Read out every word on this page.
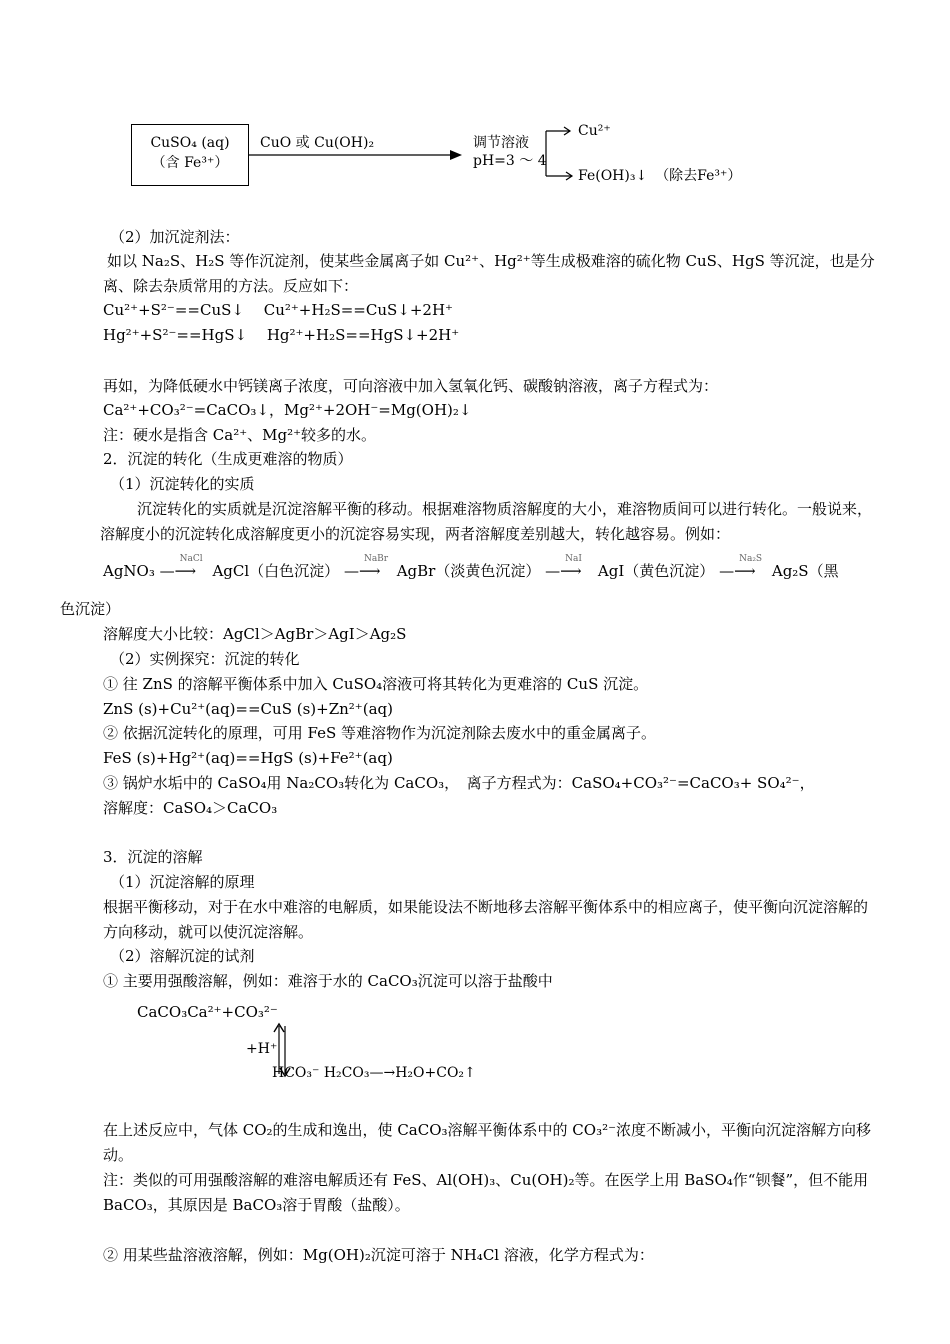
CuSO₄ (aq)
（含 Fe³⁺）
CuO 或 Cu(OH)₂	调节溶液
pH=3 ～ 4
Cu²⁺
Fe(OH)₃↓ （除去Fe³⁺）
（2）加沉淀剂法：
如以 Na₂S、H₂S 等作沉淀剂，使某些金属离子如 Cu²⁺、Hg²⁺等生成极难溶的硫化物 CuS、HgS 等沉淀，也是分离、除去杂质常用的方法。反应如下：
Cu²⁺+S²⁻==CuS↓　 Cu²⁺+H₂S==CuS↓+2H⁺
Hg²⁺+S²⁻==HgS↓　 Hg²⁺+H₂S==HgS↓+2H⁺
再如，为降低硬水中钙镁离子浓度，可向溶液中加入氢氧化钙、碳酸钠溶液，离子方程式为：
Ca²⁺+CO₃²⁻=CaCO₃↓，Mg²⁺+2OH⁻=Mg(OH)₂↓
注：硬水是指含 Ca²⁺、Mg²⁺较多的水。
2．沉淀的转化（生成更难溶的物质）
（1）沉淀转化的实质
沉淀转化的实质就是沉淀溶解平衡的移动。根据难溶物质溶解度的大小，难溶物质间可以进行转化。一般说来，溶解度小的沉淀转化成溶解度更小的沉淀容易实现，两者溶解度差别越大，转化越容易。例如：
AgNO₃
NaCl
—⟶ AgCl（白色沉淀）
NaBr
—⟶ AgBr（淡黄色沉淀）
NaI
—⟶ AgI（黄色沉淀）
Na₂S
—⟶ Ag₂S（黑
色沉淀）
溶解度大小比较：AgCl＞AgBr＞AgI＞Ag₂S
（2）实例探究：沉淀的转化
① 往 ZnS 的溶解平衡体系中加入 CuSO₄溶液可将其转化为更难溶的 CuS 沉淀。
ZnS (s)+Cu²⁺(aq)==CuS (s)+Zn²⁺(aq)
② 依据沉淀转化的原理，可用 FeS 等难溶物作为沉淀剂除去废水中的重金属离子。
FeS (s)+Hg²⁺(aq)==HgS (s)+Fe²⁺(aq)
③ 锅炉水垢中的 CaSO₄用 Na₂CO₃转化为 CaCO₃，　离子方程式为：CaSO₄+CO₃²⁻=CaCO₃+ SO₄²⁻，
溶解度：CaSO₄＞CaCO₃
3．沉淀的溶解
（1）沉淀溶解的原理
根据平衡移动，对于在水中难溶的电解质，如果能设法不断地移去溶解平衡体系中的相应离子，使平衡向沉淀溶解的方向移动，就可以使沉淀溶解。
（2）溶解沉淀的试剂
① 主要用强酸溶解，例如：难溶于水的 CaCO₃沉淀可以溶于盐酸中
CaCO₃Ca²⁺+CO₃²⁻
+H⁺
HCO₃⁻ H₂CO₃—→H₂O+CO₂↑
在上述反应中，气体 CO₂的生成和逸出，使 CaCO₃溶解平衡体系中的 CO₃²⁻浓度不断减小，平衡向沉淀溶解方向移动。
注：类似的可用强酸溶解的难溶电解质还有 FeS、Al(OH)₃、Cu(OH)₂等。在医学上用 BaSO₄作“钡餐”，但不能用 BaCO₃，其原因是 BaCO₃溶于胃酸（盐酸）。
② 用某些盐溶液溶解，例如：Mg(OH)₂沉淀可溶于 NH₄Cl 溶液，化学方程式为：
